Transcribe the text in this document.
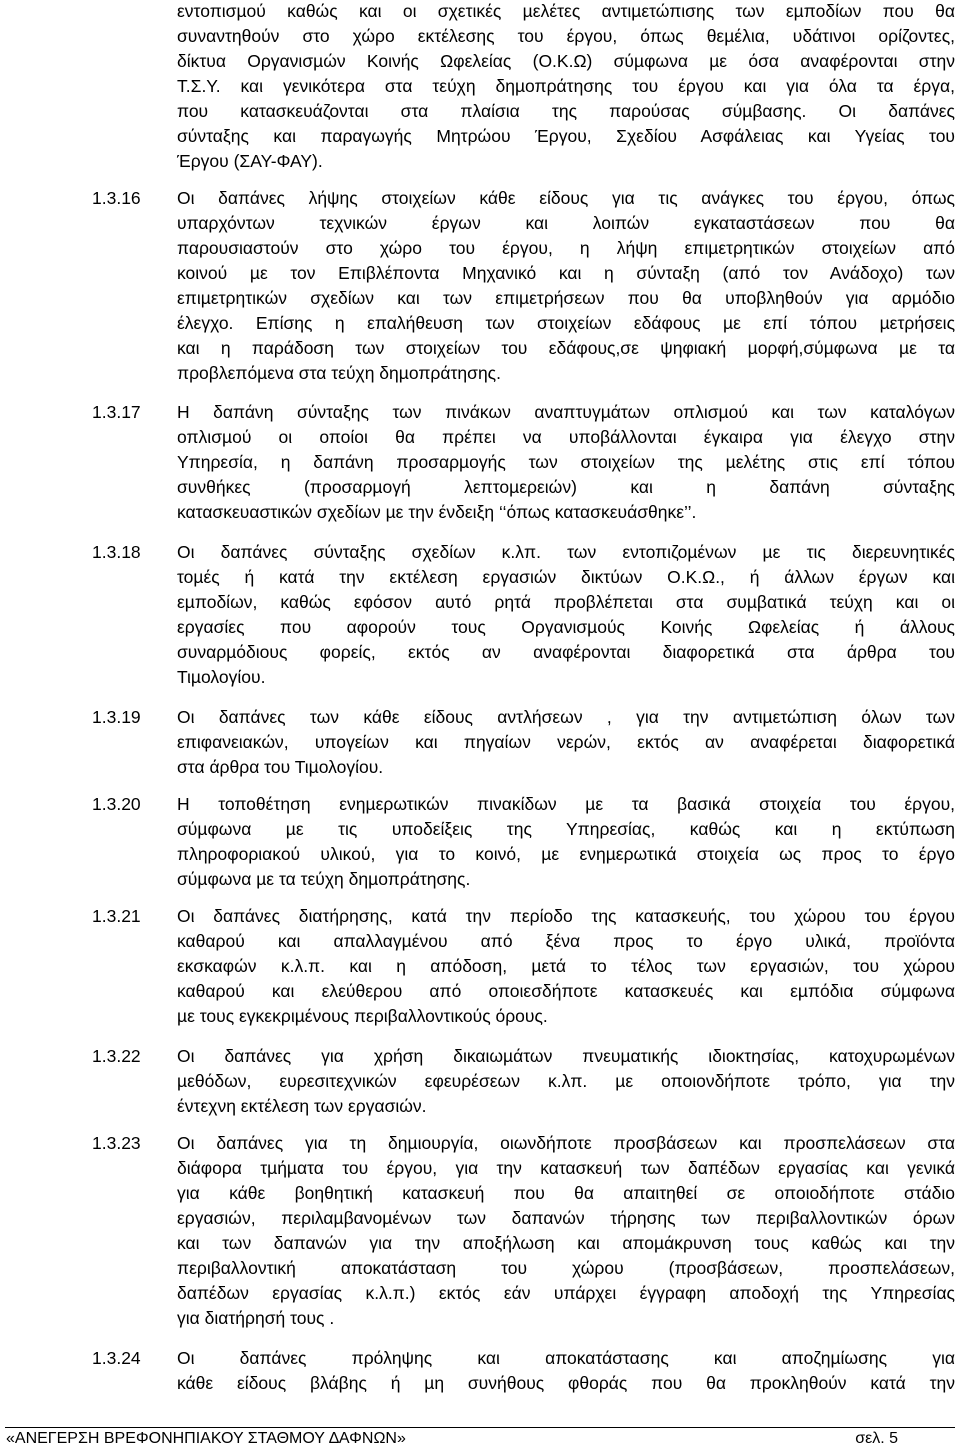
εντοπισµού καθώς και οι σχετικές µελέτες αντιµετώπισης των εµποδίων που θα
συναντηθούν στο χώρο εκτέλεσης του έργου, όπως θεµέλια, υδάτινοι ορίζοντες,
δίκτυα Οργανισµών Κοινής Ωφελείας (Ο.Κ.Ω) σύµφωνα µε όσα αναφέρονται στην
Τ.Σ.Υ. και γενικότερα στα τεύχη δηµοπράτησης του έργου και για όλα τα έργα,
που κατασκευάζονται στα πλαίσια της παρούσας σύµβασης. Οι δαπάνες
σύνταξης και παραγωγής Μητρώου Έργου, Σχεδίου Ασφάλειας και Υγείας του
Έργου (ΣΑΥ-ΦΑΥ).
1.3.16 Οι δαπάνες λήψης στοιχείων κάθε είδους για τις ανάγκες του έργου, όπως
υπαρχόντων τεχνικών έργων και λοιπών εγκαταστάσεων που θα
παρουσιαστούν στο χώρο του έργου, η λήψη επιµετρητικών στοιχείων από
κοινού µε τον Επιβλέποντα Μηχανικό και η σύνταξη (από τον Ανάδοχο) των
επιµετρητικών σχεδίων και των επιµετρήσεων που θα υποβληθούν για αρµόδιο
έλεγχο. Επίσης η επαλήθευση των στοιχείων εδάφους µε επί τόπου µετρήσεις
και η παράδοση των στοιχείων του εδάφους,σε ψηφιακή µορφή,σύµφωνα µε τα
προβλεπόµενα στα τεύχη δηµοπράτησης.
1.3.17 Η δαπάνη σύνταξης των πινάκων αναπτυγµάτων οπλισµού και των καταλόγων
οπλισµού οι οποίοι θα πρέπει να υποβάλλονται έγκαιρα για έλεγχο στην
Υπηρεσία, η δαπάνη προσαρµογής των στοιχείων της µελέτης στις επί τόπου
συνθήκες (προσαρµογή λεπτοµερειών) και η δαπάνη σύνταξης
κατασκευαστικών σχεδίων µε την ένδειξη ‘‘όπως κατασκευάσθηκε’’.
1.3.18 Οι δαπάνες σύνταξης σχεδίων κ.λπ. των εντοπιζοµένων µε τις διερευνητικές
τοµές ή κατά την εκτέλεση εργασιών δικτύων Ο.Κ.Ω., ή άλλων έργων και
εµποδίων, καθώς εφόσον αυτό ρητά προβλέπεται στα συµβατικά τεύχη και οι
εργασίες που αφορούν τους Οργανισµούς Κοινής Ωφελείας ή άλλους
συναρµόδιους φορείς, εκτός αν αναφέρονται διαφορετικά στα άρθρα του
Τιµολογίου.
1.3.19 Οι δαπάνες των κάθε είδους αντλήσεων , για την αντιµετώπιση όλων των
επιφανειακών, υπογείων και πηγαίων νερών, εκτός αν αναφέρεται διαφορετικά
στα άρθρα του Τιµολογίου.
1.3.20 Η τοποθέτηση ενηµερωτικών πινακίδων µε τα βασικά στοιχεία του έργου,
σύµφωνα µε τις υποδείξεις της Υπηρεσίας, καθώς και η εκτύπωση
πληροφοριακού υλικού, για το κοινό, µε ενηµερωτικά στοιχεία ως προς το έργο
σύµφωνα µε τα τεύχη δηµοπράτησης.
1.3.21 Οι δαπάνες διατήρησης, κατά την περίοδο της κατασκευής, του χώρου του έργου
καθαρού και απαλλαγµένου από ξένα προς το έργο υλικά, προϊόντα
εκσκαφών κ.λ.π. και η απόδοση, µετά το τέλος των εργασιών, του χώρου
καθαρού και ελεύθερου από οποιεσδήποτε κατασκευές και εµπόδια σύµφωνα
µε τους εγκεκριµένους περιβαλλοντικούς όρους.
1.3.22 Οι δαπάνες για χρήση δικαιωµάτων πνευµατικής ιδιοκτησίας, κατοχυρωµένων
µεθόδων, ευρεσιτεχνικών εφευρέσεων κ.λπ. µε οποιονδήποτε τρόπο, για την
έντεχνη εκτέλεση των εργασιών.
1.3.23 Οι δαπάνες για τη δηµιουργία, οιωνδήποτε προσβάσεων και προσπελάσεων στα
διάφορα τµήµατα του έργου, για την κατασκευή των δαπέδων εργασίας και γενικά
για κάθε βοηθητική κατασκευή που θα απαιτηθεί σε οποιοδήποτε στάδιο
εργασιών, περιλαµβανοµένων των δαπανών τήρησης των περιβαλλοντικών όρων
και των δαπανών για την αποξήλωση και αποµάκρυνση τους καθώς και την
περιβαλλοντική αποκατάσταση του χώρου (προσβάσεων, προσπελάσεων,
δαπέδων εργασίας κ.λ.π.) εκτός εάν υπάρχει έγγραφη αποδοχή της Υπηρεσίας
για διατήρησή τους .
1.3.24 Οι δαπάνες πρόληψης και αποκατάστασης και αποζηµίωσης για
κάθε είδους βλάβης ή µη συνήθους φθοράς που θα προκληθούν κατά την
«ΑΝΕΓΕΡΣΗ ΒΡΕΦΟΝΗΠΙΑΚΟΥ ΣΤΑΘΜΟΥ ∆ΑΦΝΩΝ»	σελ. 5
